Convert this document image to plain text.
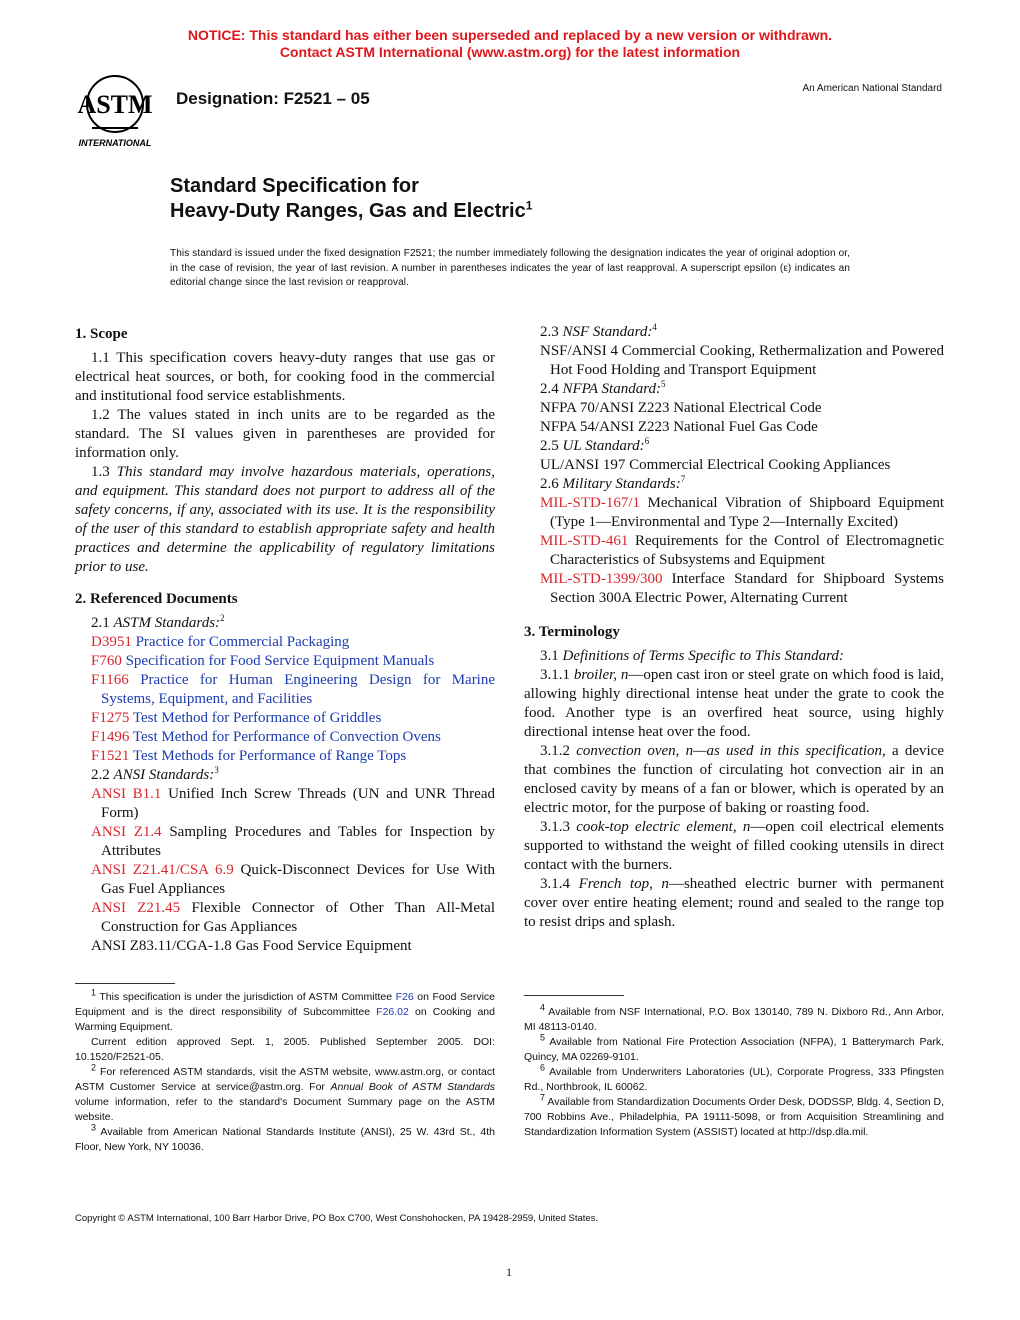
NOTICE: This standard has either been superseded and replaced by a new version or withdrawn.
Contact ASTM International (www.astm.org) for the latest information
ASTM
INTERNATIONAL
Designation: F2521 – 05
An American National Standard
Standard Specification for
Heavy-Duty Ranges, Gas and Electric$^1$
This standard is issued under the fixed designation F2521; the number immediately following the designation indicates the year of original adoption or, in the case of revision, the year of last revision. A number in parentheses indicates the year of last reapproval. A superscript epsilon (ε) indicates an editorial change since the last revision or reapproval.
1. Scope
1.1 This specification covers heavy-duty ranges that use gas or electrical heat sources, or both, for cooking food in the commercial and institutional food service establishments.
1.2 The values stated in inch units are to be regarded as the standard. The SI values given in parentheses are provided for information only.
1.3 This standard may involve hazardous materials, operations, and equipment. This standard does not purport to address all of the safety concerns, if any, associated with its use. It is the responsibility of the user of this standard to establish appropriate safety and health practices and determine the applicability of regulatory limitations prior to use.
2. Referenced Documents
2.1 ASTM Standards:$^2$
D3951 Practice for Commercial Packaging
F760 Specification for Food Service Equipment Manuals
F1166 Practice for Human Engineering Design for Marine Systems, Equipment, and Facilities
F1275 Test Method for Performance of Griddles
F1496 Test Method for Performance of Convection Ovens
F1521 Test Methods for Performance of Range Tops
2.2 ANSI Standards:$^3$
ANSI B1.1 Unified Inch Screw Threads (UN and UNR Thread Form)
ANSI Z1.4 Sampling Procedures and Tables for Inspection by Attributes
ANSI Z21.41/CSA 6.9 Quick-Disconnect Devices for Use With Gas Fuel Appliances
ANSI Z21.45 Flexible Connector of Other Than All-Metal Construction for Gas Appliances
ANSI Z83.11/CGA-1.8 Gas Food Service Equipment
2.3 NSF Standard:$^4$
NSF/ANSI 4 Commercial Cooking, Rethermalization and Powered Hot Food Holding and Transport Equipment
2.4 NFPA Standard:$^5$
NFPA 70/ANSI Z223 National Electrical Code
NFPA 54/ANSI Z223 National Fuel Gas Code
2.5 UL Standard:$^6$
UL/ANSI 197 Commercial Electrical Cooking Appliances
2.6 Military Standards:$^7$
MIL-STD-167/1 Mechanical Vibration of Shipboard Equipment (Type 1—Environmental and Type 2—Internally Excited)
MIL-STD-461 Requirements for the Control of Electromagnetic Characteristics of Subsystems and Equipment
MIL-STD-1399/300 Interface Standard for Shipboard Systems Section 300A Electric Power, Alternating Current
3. Terminology
3.1 Definitions of Terms Specific to This Standard:
3.1.1 broiler, n—open cast iron or steel grate on which food is laid, allowing highly directional intense heat under the grate to cook the food. Another type is an overfired heat source, using highly directional intense heat over the food.
3.1.2 convection oven, n—as used in this specification, a device that combines the function of circulating hot convection air in an enclosed cavity by means of a fan or blower, which is operated by an electric motor, for the purpose of baking or roasting food.
3.1.3 cook-top electric element, n—open coil electrical elements supported to withstand the weight of filled cooking utensils in direct contact with the burners.
3.1.4 French top, n—sheathed electric burner with permanent cover over entire heating element; round and sealed to the range top to resist drips and splash.
$^1$ This specification is under the jurisdiction of ASTM Committee F26 on Food Service Equipment and is the direct responsibility of Subcommittee F26.02 on Cooking and Warming Equipment.
Current edition approved Sept. 1, 2005. Published September 2005. DOI: 10.1520/F2521-05.
$^2$ For referenced ASTM standards, visit the ASTM website, www.astm.org, or contact ASTM Customer Service at service@astm.org. For Annual Book of ASTM Standards volume information, refer to the standard's Document Summary page on the ASTM website.
$^3$ Available from American National Standards Institute (ANSI), 25 W. 43rd St., 4th Floor, New York, NY 10036.
$^4$ Available from NSF International, P.O. Box 130140, 789 N. Dixboro Rd., Ann Arbor, MI 48113-0140.
$^5$ Available from National Fire Protection Association (NFPA), 1 Batterymarch Park, Quincy, MA 02269-9101.
$^6$ Available from Underwriters Laboratories (UL), Corporate Progress, 333 Pfingsten Rd., Northbrook, IL 60062.
$^7$ Available from Standardization Documents Order Desk, DODSSP, Bldg. 4, Section D, 700 Robbins Ave., Philadelphia, PA 19111-5098, or from Acquisition Streamlining and Standardization Information System (ASSIST) located at http://dsp.dla.mil.
Copyright © ASTM International, 100 Barr Harbor Drive, PO Box C700, West Conshohocken, PA 19428-2959, United States.
1
